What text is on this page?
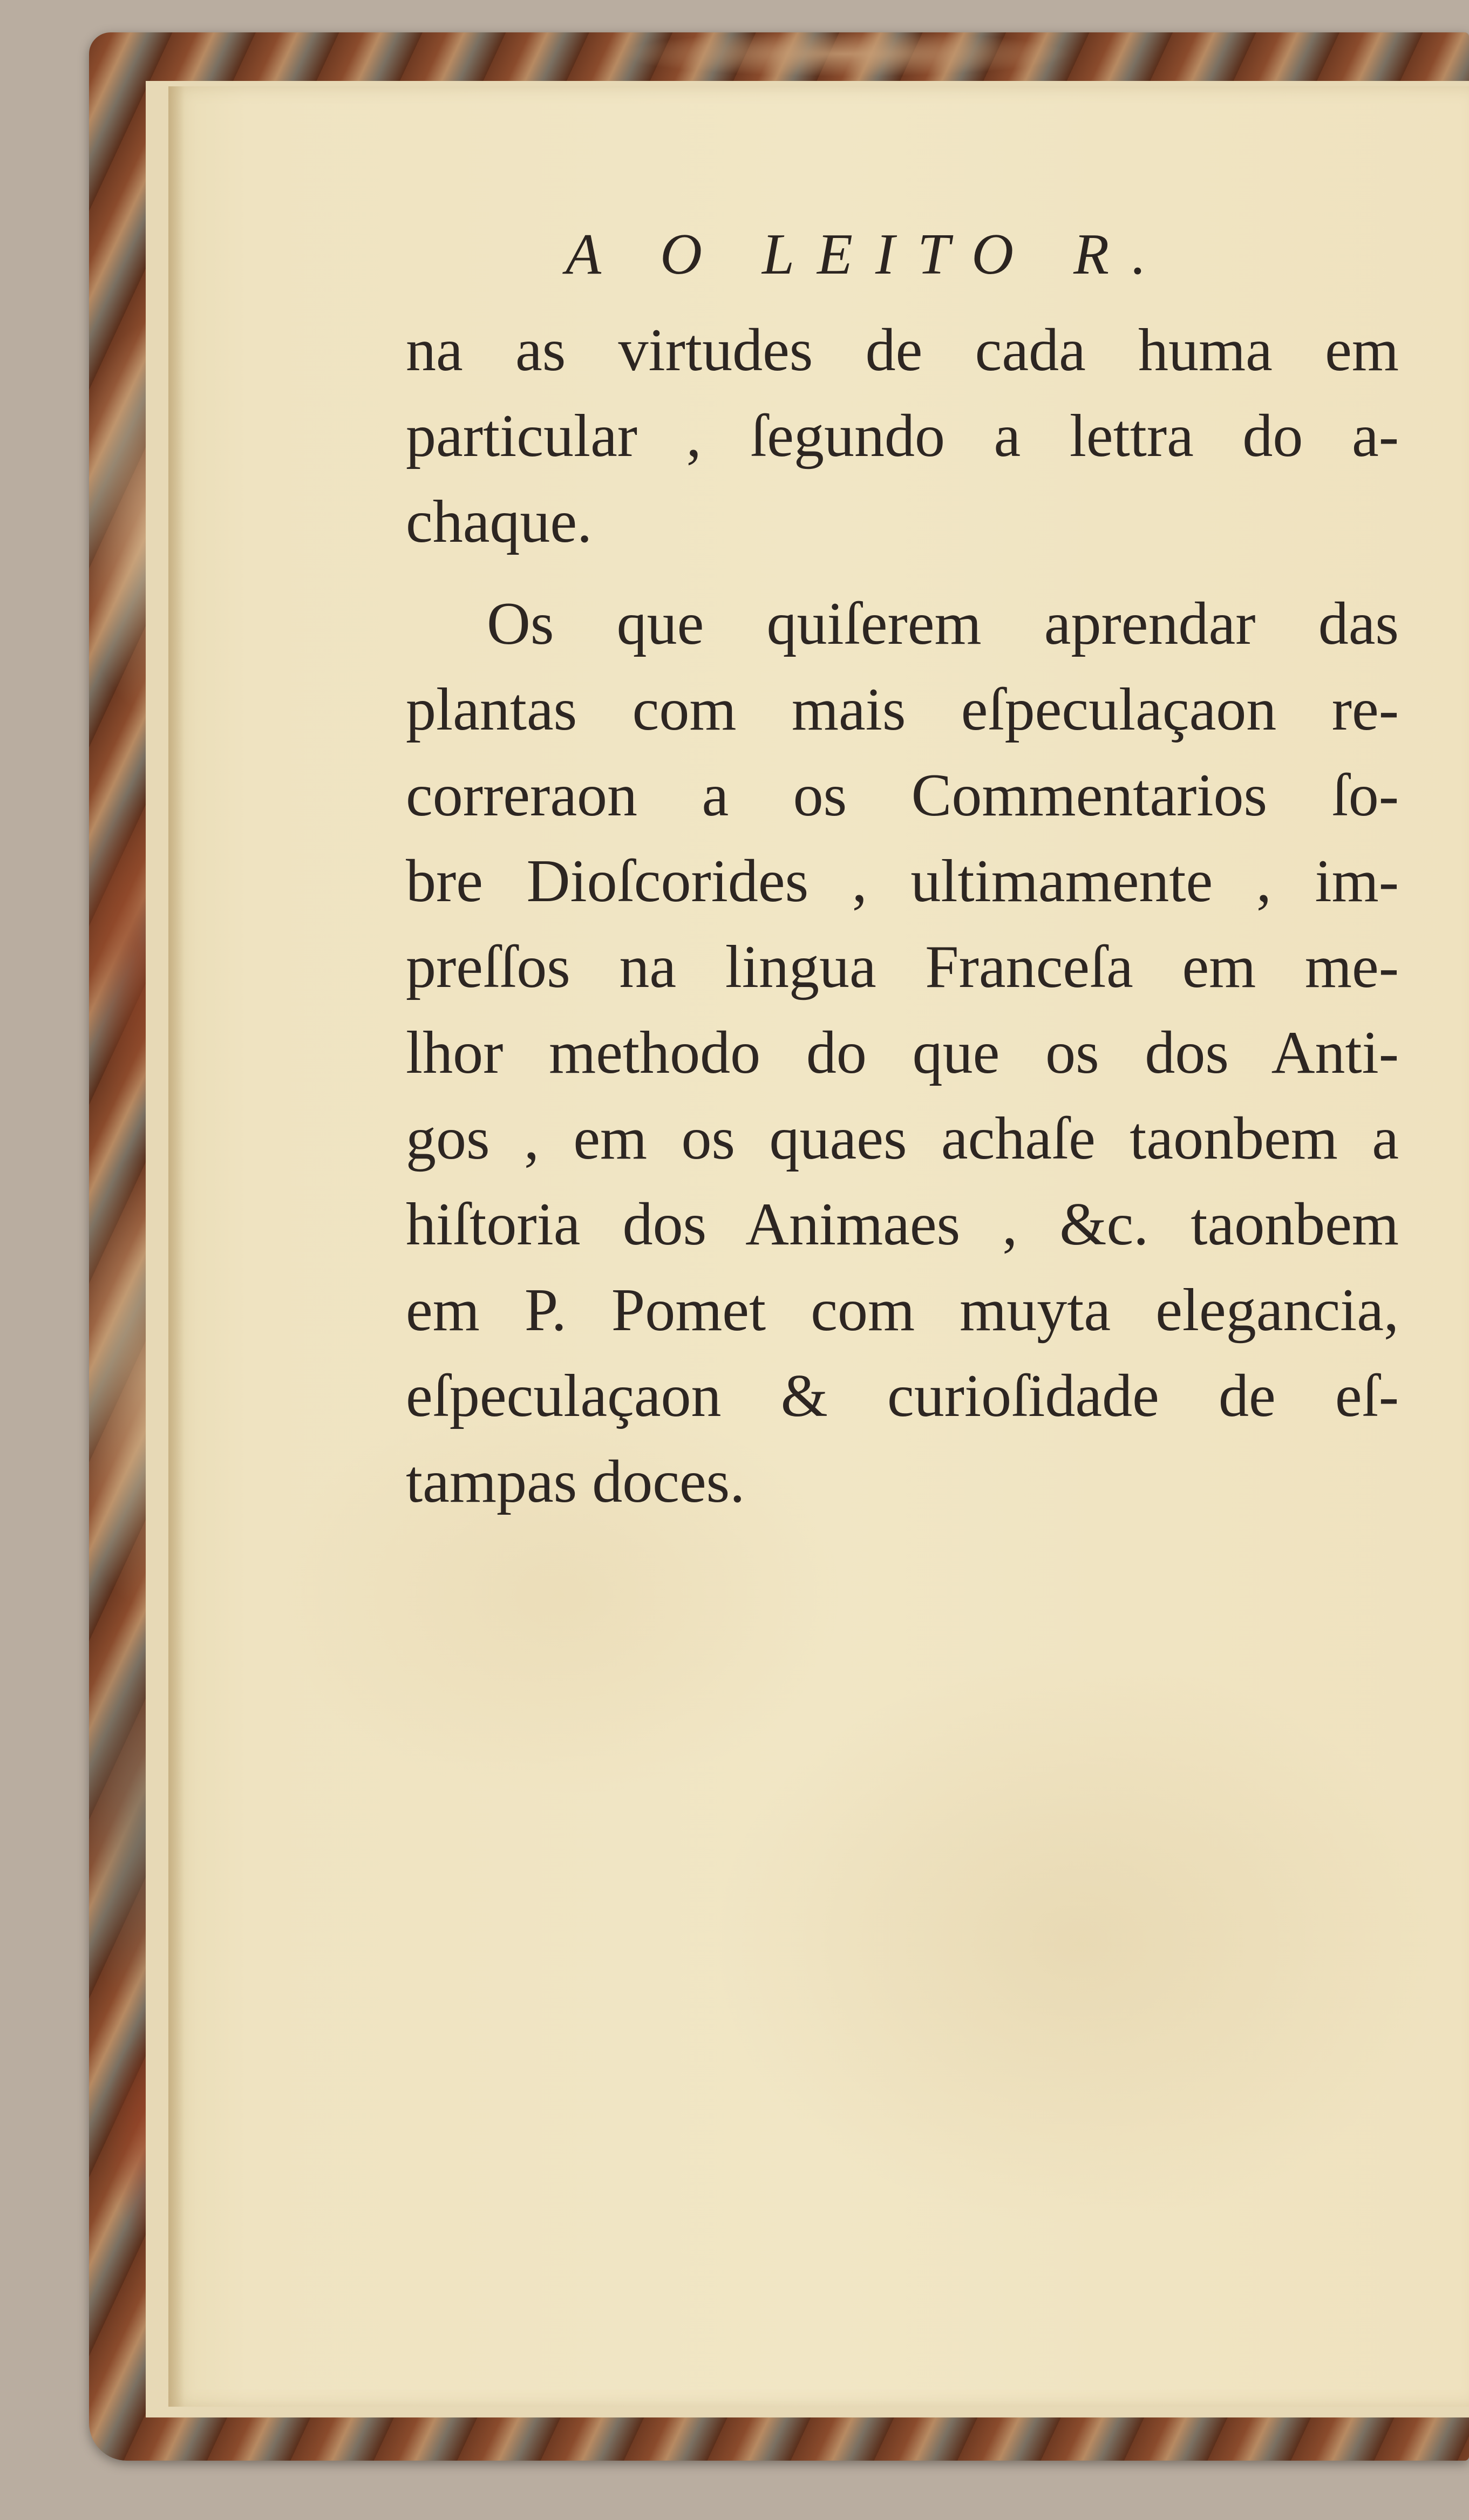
A O LEITO R.
na as virtudes de cada huma em
particular , ſegundo a lettra do a-
chaque.
Os que quiſerem aprendar das
plantas com mais eſpeculaçaon re-
correraon a os Commentarios ſo-
bre Dioſcorides , ultimamente , im-
preſſos na lingua Franceſa em me-
lhor methodo do que os dos Anti-
gos , em os quaes achaſe taonbem a
hiſtoria dos Animaes , &c. taonbem
em P. Pomet com muyta elegancia,
eſpeculaçaon & curioſidade de eſ-
tampas doces.
